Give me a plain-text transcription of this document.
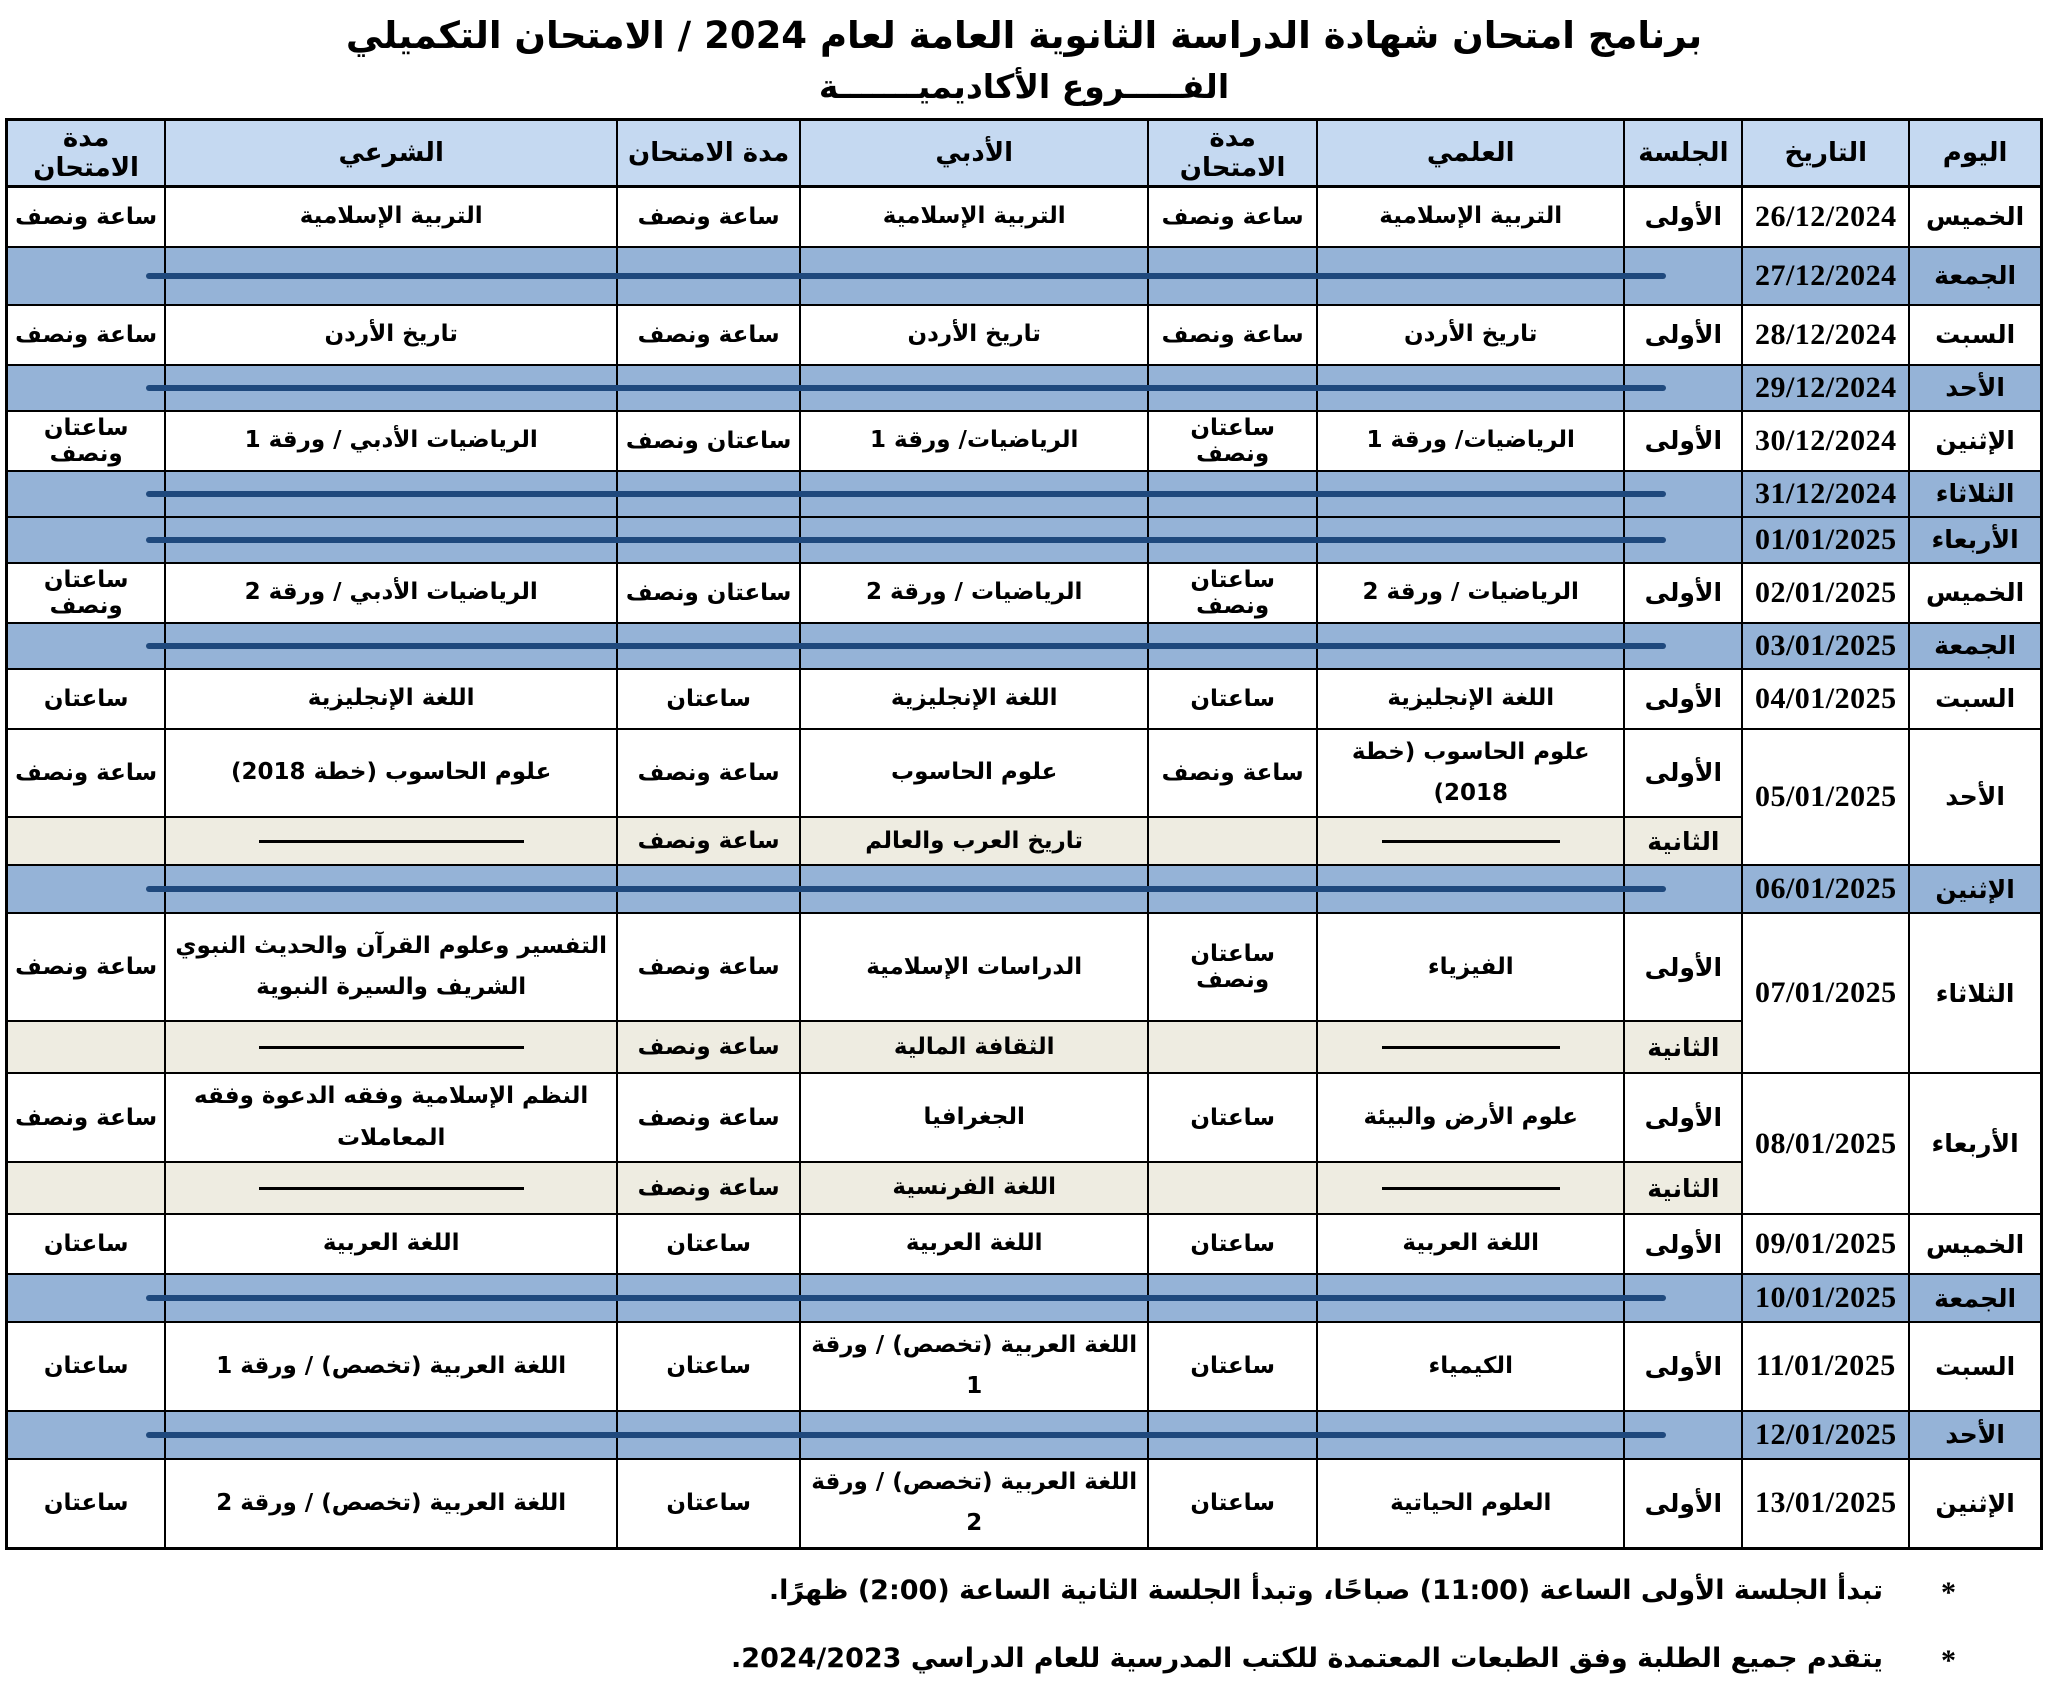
برنامج امتحان شهادة الدراسة الثانوية العامة لعام 2024 / الامتحان التكميلي
الفـــــروع الأكاديميـــــــة
اليوم	التاريخ	الجلسة	العلمي	مدة الامتحان	الأدبي	مدة الامتحان	الشرعي	مدة الامتحان
الخميس	26/12/2024	الأولى	التربية الإسلامية	ساعة ونصف	التربية الإسلامية	ساعة ونصف	التربية الإسلامية	ساعة ونصف
الجمعة	27/12/2024	

السبت	28/12/2024	الأولى	تاريخ الأردن	ساعة ونصف	تاريخ الأردن	ساعة ونصف	تاريخ الأردن	ساعة ونصف
الأحد	29/12/2024	

الإثنين	30/12/2024	الأولى	الرياضيات/ ورقة 1	ساعتان ونصف	الرياضيات/ ورقة 1	ساعتان ونصف	الرياضيات الأدبي / ورقة 1	ساعتان ونصف
الثلاثاء	31/12/2024	

الأربعاء	01/01/2025	

الخميس	02/01/2025	الأولى	الرياضيات / ورقة 2	ساعتان ونصف	الرياضيات / ورقة 2	ساعتان ونصف	الرياضيات الأدبي / ورقة 2	ساعتان ونصف
الجمعة	03/01/2025	

السبت	04/01/2025	الأولى	اللغة الإنجليزية	ساعتان	اللغة الإنجليزية	ساعتان	اللغة الإنجليزية	ساعتان
الأحد	05/01/2025	الأولى	علوم الحاسوب (خطة 2018)	ساعة ونصف	علوم الحاسوب	ساعة ونصف	علوم الحاسوب (خطة 2018)	ساعة ونصف
		الثانية			تاريخ العرب والعالم	ساعة ونصف	

الإثنين	06/01/2025	

الثلاثاء	07/01/2025	الأولى	الفيزياء	ساعتان ونصف	الدراسات الإسلامية	ساعة ونصف	التفسير وعلوم القرآن والحديث النبوي الشريف والسيرة النبوية	ساعة ونصف
		الثانية			الثقافة المالية	ساعة ونصف	

الأربعاء	08/01/2025	الأولى	علوم الأرض والبيئة	ساعتان	الجغرافيا	ساعة ونصف	النظم الإسلامية وفقه الدعوة وفقه المعاملات	ساعة ونصف
		الثانية			اللغة الفرنسية	ساعة ونصف	

الخميس	09/01/2025	الأولى	اللغة العربية	ساعتان	اللغة العربية	ساعتان	اللغة العربية	ساعتان
الجمعة	10/01/2025	

السبت	11/01/2025	الأولى	الكيمياء	ساعتان	اللغة العربية (تخصص) / ورقة 1	ساعتان	اللغة العربية (تخصص) / ورقة 1	ساعتان
الأحد	12/01/2025	

الإثنين	13/01/2025	الأولى	العلوم الحياتية	ساعتان	اللغة العربية (تخصص) / ورقة 2	ساعتان	اللغة العربية (تخصص) / ورقة 2	ساعتان
*
تبدأ الجلسة الأولى الساعة (11:00) صباحًا، وتبدأ الجلسة الثانية الساعة (2:00) ظهرًا.
*
يتقدم جميع الطلبة وفق الطبعات المعتمدة للكتب المدرسية للعام الدراسي 2024/2023.
